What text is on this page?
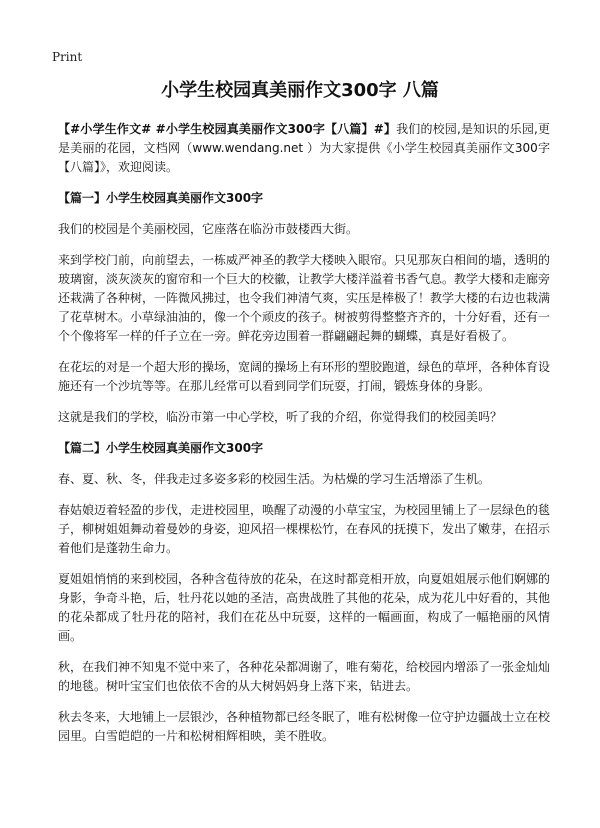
Print
小学生校园真美丽作文300字 八篇

【#小学生作文# #小学生校园真美丽作文300字【八篇】#】我们的校园,是知识的乐园,更是美丽的花园，文档网（www.wendang.net ）为大家提供《小学生校园真美丽作文300字【八篇】》，欢迎阅读。

【篇一】小学生校园真美丽作文300字

我们的校园是个美丽校园，它座落在临汾市鼓楼西大街。

来到学校门前，向前望去，一栋威严神圣的教学大楼映入眼帘。只见那灰白相间的墙，透明的玻璃窗，淡灰淡灰的窗帘和一个巨大的校徽，让教学大楼洋溢着书香气息。教学大楼和走廊旁还栽满了各种树，一阵微风拂过，也令我们神清气爽，实压是棒极了！教学大楼的右边也栽满了花草树木。小草绿油油的，像一个个顽皮的孩子。树被剪得整整齐齐的，十分好看，还有一个个像将军一样的仟子立在一旁。鲜花旁边围着一群翩翩起舞的蝴蝶，真是好看极了。

在花坛的对是一个超大形的操场，宽阔的操场上有环形的塑胶跑道，绿色的草坪，各种体育设施还有一个沙坑等等。在那儿经常可以看到同学们玩耍，打闹，锻炼身体的身影。

这就是我们的学校，临汾市第一中心学校，听了我的介绍，你觉得我们的校园美吗？

【篇二】小学生校园真美丽作文300字

春、夏、秋、冬，伴我走过多姿多彩的校园生活。为枯燥的学习生活增添了生机。

春姑娘迈着轻盈的步伐，走进校园里，唤醒了动漫的小草宝宝，为校园里铺上了一层绿色的毯子，柳树姐姐舞动着曼妙的身姿，迎风招一棵棵松竹，在春风的抚摸下，发出了嫩芽，在招示着他们是蓬勃生命力。

夏姐姐悄悄的来到校园，各种含苞待放的花朵，在这时都竞相开放，向夏姐姐展示他们婀娜的身影，争奇斗艳，后，牡丹花以她的圣洁，高贵战胜了其他的花朵，成为花儿中好看的，其他的花朵都成了牡丹花的陪衬，我们在花丛中玩耍，这样的一幅画面，构成了一幅艳丽的风情画。

秋，在我们神不知鬼不觉中来了，各种花朵都凋谢了，唯有菊花，给校园内增添了一张金灿灿的地毯。树叶宝宝们也依依不舍的从大树妈妈身上落下来，钻进去。

秋去冬来，大地铺上一层银沙，各种植物都已经冬眠了，唯有松树像一位守护边疆战士立在校园里。白雪皑皑的一片和松树相辉相映，美不胜收。
